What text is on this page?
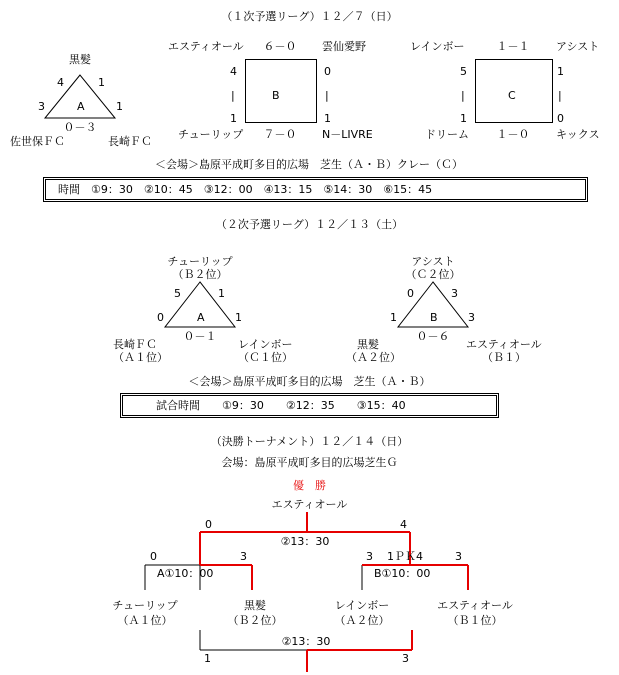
（１次予選リーグ）１２／７（日）
黒髪
4
3
1
1
A
０－３
佐世保ＦＣ	長崎ＦＣ
エスティオール	６－０	雲仙愛野
B
4
|
1
0
|
1
チューリップ	７－０	N－LIVRE
レインボー	１－１	アシスト
C
5
|
1
1
|
0
ドリーム	１－０	キックス
＜会場＞島原平成町多目的広場　芝生（Ａ・Ｂ）クレー（Ｃ）
時間　①9：30　②10：45　③12：00　④13：15　⑤14：30　⑥15：45
（２次予選リーグ）１２／１３（土）
チューリップ
（Ｂ２位）
5
0
1
1
A
０－１
長崎ＦＣ
（Ａ１位）
レインボー
（Ｃ１位）
アシスト
（Ｃ２位）
0
1
3
3
B
０－６
黒髪
（Ａ２位）
エスティオール
（Ｂ１）
＜会場＞島原平成町多目的広場　芝生（Ａ・Ｂ）
試合時間　　①9：30　　②12：35　　③15：40
（決勝トーナメント）１２／１４（日）
会場：島原平成町多目的広場芝生Ｇ
優　勝
エスティオール
0	4
②13：30
0	3
A①10：00
3 1ＰＫ4	3
B①10：00
チューリップ
（Ａ１位）
黒髪
（Ｂ２位）
レインボー
（Ａ２位）
エスティオール
（Ｂ１位）
②13：30
1	3
